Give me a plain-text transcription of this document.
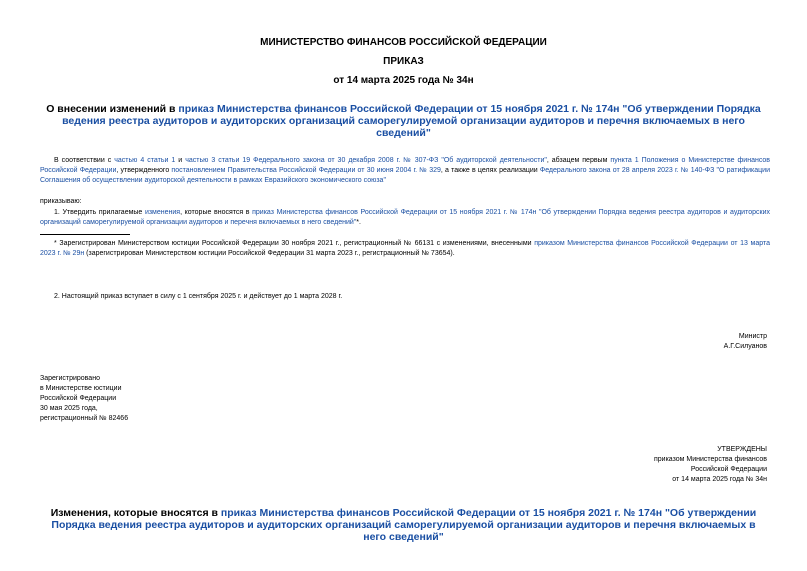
МИНИСТЕРСТВО ФИНАНСОВ РОССИЙСКОЙ ФЕДЕРАЦИИ
ПРИКАЗ
от 14 марта 2025 года № 34н
О внесении изменений в приказ Министерства финансов Российской Федерации от 15 ноября 2021 г. № 174н "Об утверждении Порядка ведения реестра аудиторов и аудиторских организаций саморегулируемой организации аудиторов и перечня включаемых в него сведений"
В соответствии с частью 4 статьи 1 и частью 3 статьи 19 Федерального закона от 30 декабря 2008 г. № 307-ФЗ "Об аудиторской деятельности", абзацем первым пункта 1 Положения о Министерстве финансов Российской Федерации, утвержденного постановлением Правительства Российской Федерации от 30 июня 2004 г. № 329, а также в целях реализации Федерального закона от 28 апреля 2023 г. № 140-ФЗ "О ратификации Соглашения об осуществлении аудиторской деятельности в рамках Евразийского экономического союза"
приказываю:
1. Утвердить прилагаемые изменения, которые вносятся в приказ Министерства финансов Российской Федерации от 15 ноября 2021 г. № 174н "Об утверждении Порядка ведения реестра аудиторов и аудиторских организаций саморегулируемой организации аудиторов и перечня включаемых в него сведений"*.
* Зарегистрирован Министерством юстиции Российской Федерации 30 ноября 2021 г., регистрационный № 66131 с изменениями, внесенными приказом Министерства финансов Российской Федерации от 13 марта 2023 г. № 29н (зарегистрирован Министерством юстиции Российской Федерации 31 марта 2023 г., регистрационный № 73654).
2. Настоящий приказ вступает в силу с 1 сентября 2025 г. и действует до 1 марта 2028 г.
Министр
А.Г.Силуанов
Зарегистрировано
в Министерстве юстиции
Российской Федерации
30 мая 2025 года,
регистрационный № 82466
УТВЕРЖДЕНЫ
приказом Министерства финансов
Российской Федерации
от 14 марта 2025 года № 34н
Изменения, которые вносятся в приказ Министерства финансов Российской Федерации от 15 ноября 2021 г. № 174н "Об утверждении Порядка ведения реестра аудиторов и аудиторских организаций саморегулируемой организации аудиторов и перечня включаемых в него сведений"
